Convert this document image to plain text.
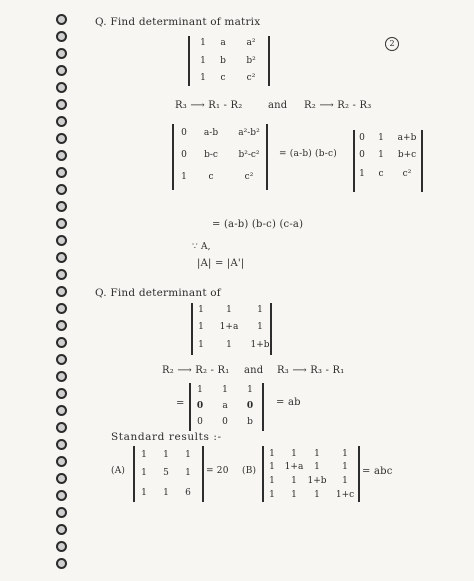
Q. Find determinant of matrix
2
1	a	a²
1	b	b²
1	c	c²
R₃ ⟶ R₁ - R₂	and R₂ ⟶ R₂ - R₃
0	a-b	a²-b²
0	b-c	b²-c²
1	c	c²
= (a-b) (b-c)
0	1	a+b
0	1	b+c
1	c	c²
= (a-b) (b-c) (c-a)
∵ A,
|A| = |A'|
Q. Find determinant of
1	1	1
1	1+a	1
1	1	1+b
R₂ ⟶ R₂ - R₁ and R₃ ⟶ R₃ - R₁
=
1	1	1
0	a	0
0	0	b
= ab
Standard results :-
(A)
1	1	1
1	5	1
1	1	6
= 20 (B)
1	1	1	1
1	1+a	1	1
1	1	1+b	1
1	1	1	1+c
= abc
